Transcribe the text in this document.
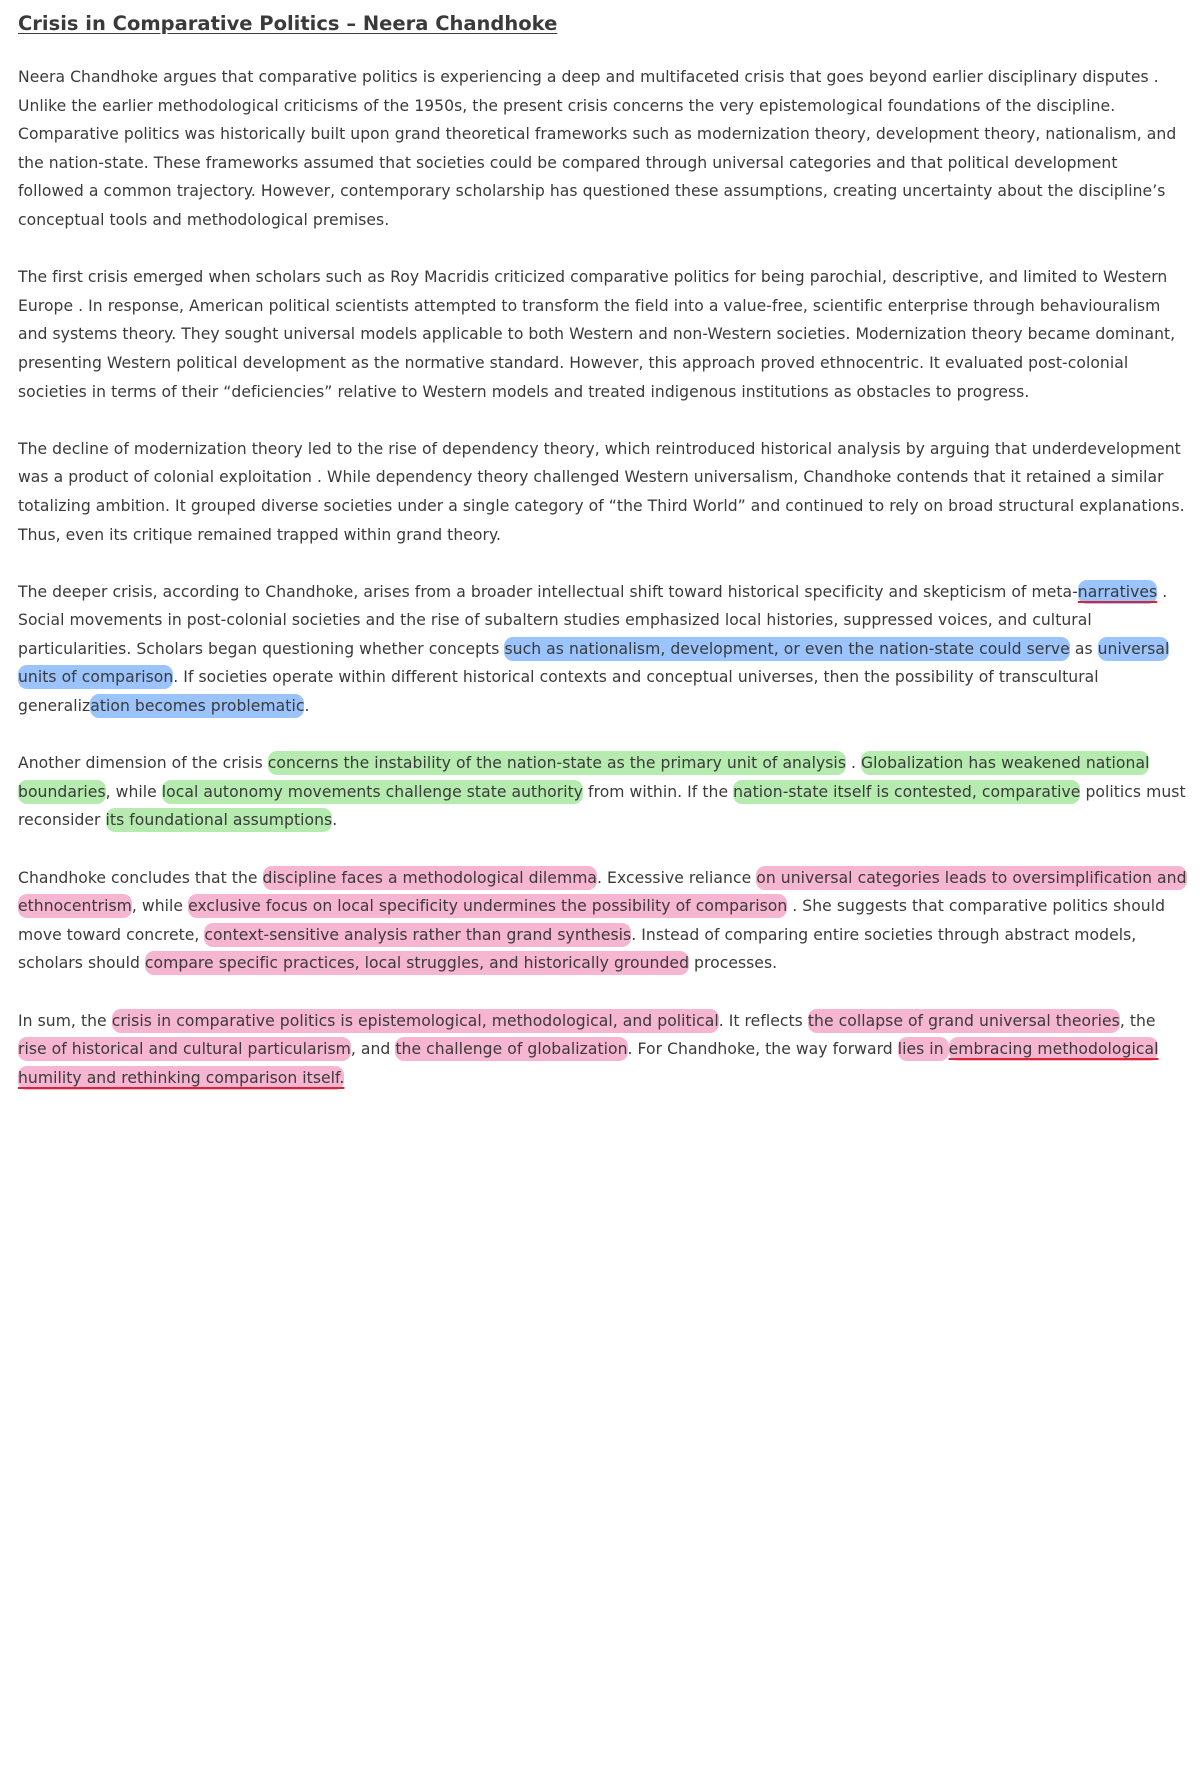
Crisis in Comparative Politics – Neera Chandhoke

Neera Chandhoke argues that comparative politics is experiencing a deep and multifaceted crisis that goes beyond earlier disciplinary disputes . Unlike the earlier methodological criticisms of the 1950s, the present crisis concerns the very epistemological foundations of the discipline. Comparative politics was historically built upon grand theoretical frameworks such as modernization theory, development theory, nationalism, and the nation-state. These frameworks assumed that societies could be compared through universal categories and that political development followed a common trajectory. However, contemporary scholarship has questioned these assumptions, creating uncertainty about the discipline’s conceptual tools and methodological premises.

The first crisis emerged when scholars such as Roy Macridis criticized comparative politics for being parochial, descriptive, and limited to Western Europe . In response, American political scientists attempted to transform the field into a value-free, scientific enterprise through behaviouralism and systems theory. They sought universal models applicable to both Western and non-Western societies. Modernization theory became dominant, presenting Western political development as the normative standard. However, this approach proved ethnocentric. It evaluated post-colonial societies in terms of their “deficiencies” relative to Western models and treated indigenous institutions as obstacles to progress.

The decline of modernization theory led to the rise of dependency theory, which reintroduced historical analysis by arguing that underdevelopment was a product of colonial exploitation . While dependency theory challenged Western universalism, Chandhoke contends that it retained a similar totalizing ambition. It grouped diverse societies under a single category of “the Third World” and continued to rely on broad structural explanations. Thus, even its critique remained trapped within grand theory.

The deeper crisis, according to Chandhoke, arises from a broader intellectual shift toward historical specificity and skepticism of meta-narratives . Social movements in post-colonial societies and the rise of subaltern studies emphasized local histories, suppressed voices, and cultural particularities. Scholars began questioning whether concepts such as nationalism, development, or even the nation-state could serve as universal units of comparison. If societies operate within different historical contexts and conceptual universes, then the possibility of transcultural generalization becomes problematic.

Another dimension of the crisis concerns the instability of the nation-state as the primary unit of analysis . Globalization has weakened national boundaries, while local autonomy movements challenge state authority from within. If the nation-state itself is contested, comparative politics must reconsider its foundational assumptions.

Chandhoke concludes that the discipline faces a methodological dilemma. Excessive reliance on universal categories leads to oversimplification and ethnocentrism, while exclusive focus on local specificity undermines the possibility of comparison . She suggests that comparative politics should move toward concrete, context-sensitive analysis rather than grand synthesis. Instead of comparing entire societies through abstract models, scholars should compare specific practices, local struggles, and historically grounded processes.

In sum, the crisis in comparative politics is epistemological, methodological, and political. It reflects the collapse of grand universal theories, the rise of historical and cultural particularism, and the challenge of globalization. For Chandhoke, the way forward lies in embracing methodological humility and rethinking comparison itself.
